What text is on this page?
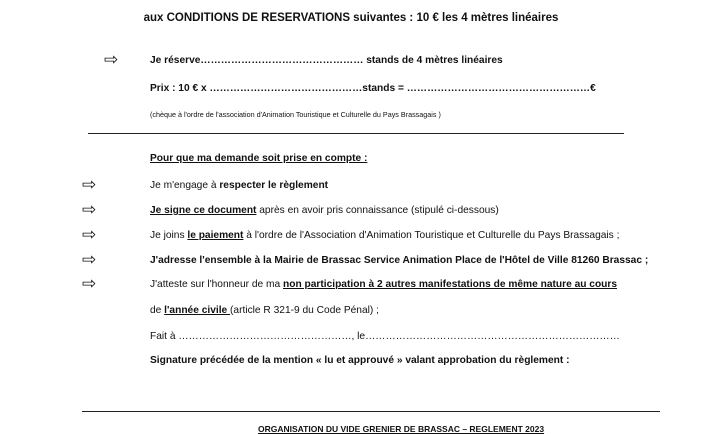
aux CONDITIONS DE RESERVATIONS suivantes : 10 € les 4 mètres linéaires
⇨	Je réserve………………………………………… stands de 4 mètres linéaires
Prix : 10 € x ………………………………………stands = ………………………………………………€
(chèque à l'ordre de l'association d'Animation Touristique et Culturelle du Pays Brassagais )
Pour que ma demande soit prise en compte :
⇨	Je m'engage à respecter le règlement
⇨	Je signe ce document après en avoir pris connaissance (stipulé ci-dessous)
⇨	Je joins le paiement à l'ordre de l'Association d'Animation Touristique et Culturelle du Pays Brassagais ;
⇨	J'adresse l'ensemble à la Mairie de Brassac Service Animation Place de l'Hôtel de Ville 81260 Brassac ;
⇨	J'atteste sur l'honneur de ma non participation à 2 autres manifestations de même nature au cours
de l'année civile (article R 321-9 du Code Pénal) ;
Fait à ……………………………………………, le…………………………………………………………………
Signature précédée de la mention « lu et approuvé » valant approbation du règlement :
ORGANISATION DU VIDE GRENIER DE BRASSAC – REGLEMENT 2023
